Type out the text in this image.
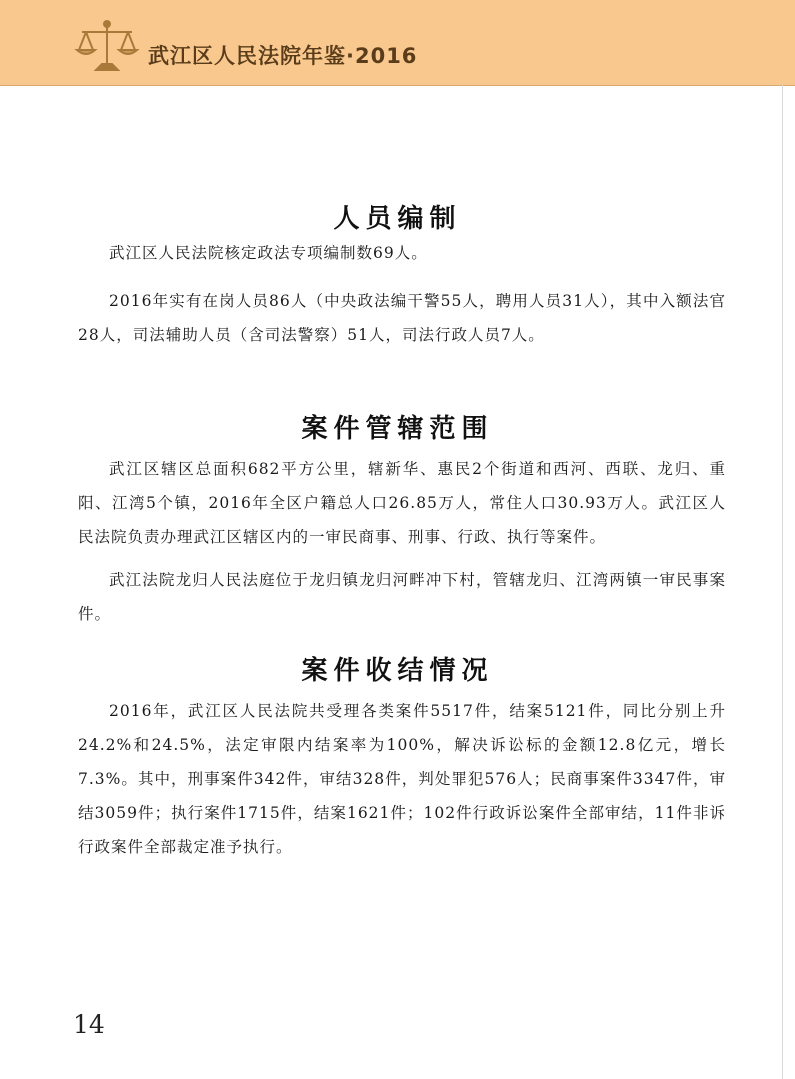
武江区人民法院年鉴·2016
人员编制

武江区人民法院核定政法专项编制数69人。

2016年实有在岗人员86人（中央政法编干警55人，聘用人员31人），其中入额法官28人，司法辅助人员（含司法警察）51人，司法行政人员7人。

案件管辖范围

武江区辖区总面积682平方公里，辖新华、惠民2个街道和西河、西联、龙归、重阳、江湾5个镇，2016年全区户籍总人口26.85万人，常住人口30.93万人。武江区人民法院负责办理武江区辖区内的一审民商事、刑事、行政、执行等案件。

武江法院龙归人民法庭位于龙归镇龙归河畔冲下村，管辖龙归、江湾两镇一审民事案件。

案件收结情况

2016年，武江区人民法院共受理各类案件5517件，结案5121件，同比分别上升24.2%和24.5%，法定审限内结案率为100%，解决诉讼标的金额12.8亿元，增长7.3%。其中，刑事案件342件，审结328件，判处罪犯576人；民商事案件3347件，审结3059件；执行案件1715件，结案1621件；102件行政诉讼案件全部审结，11件非诉行政案件全部裁定准予执行。

14
